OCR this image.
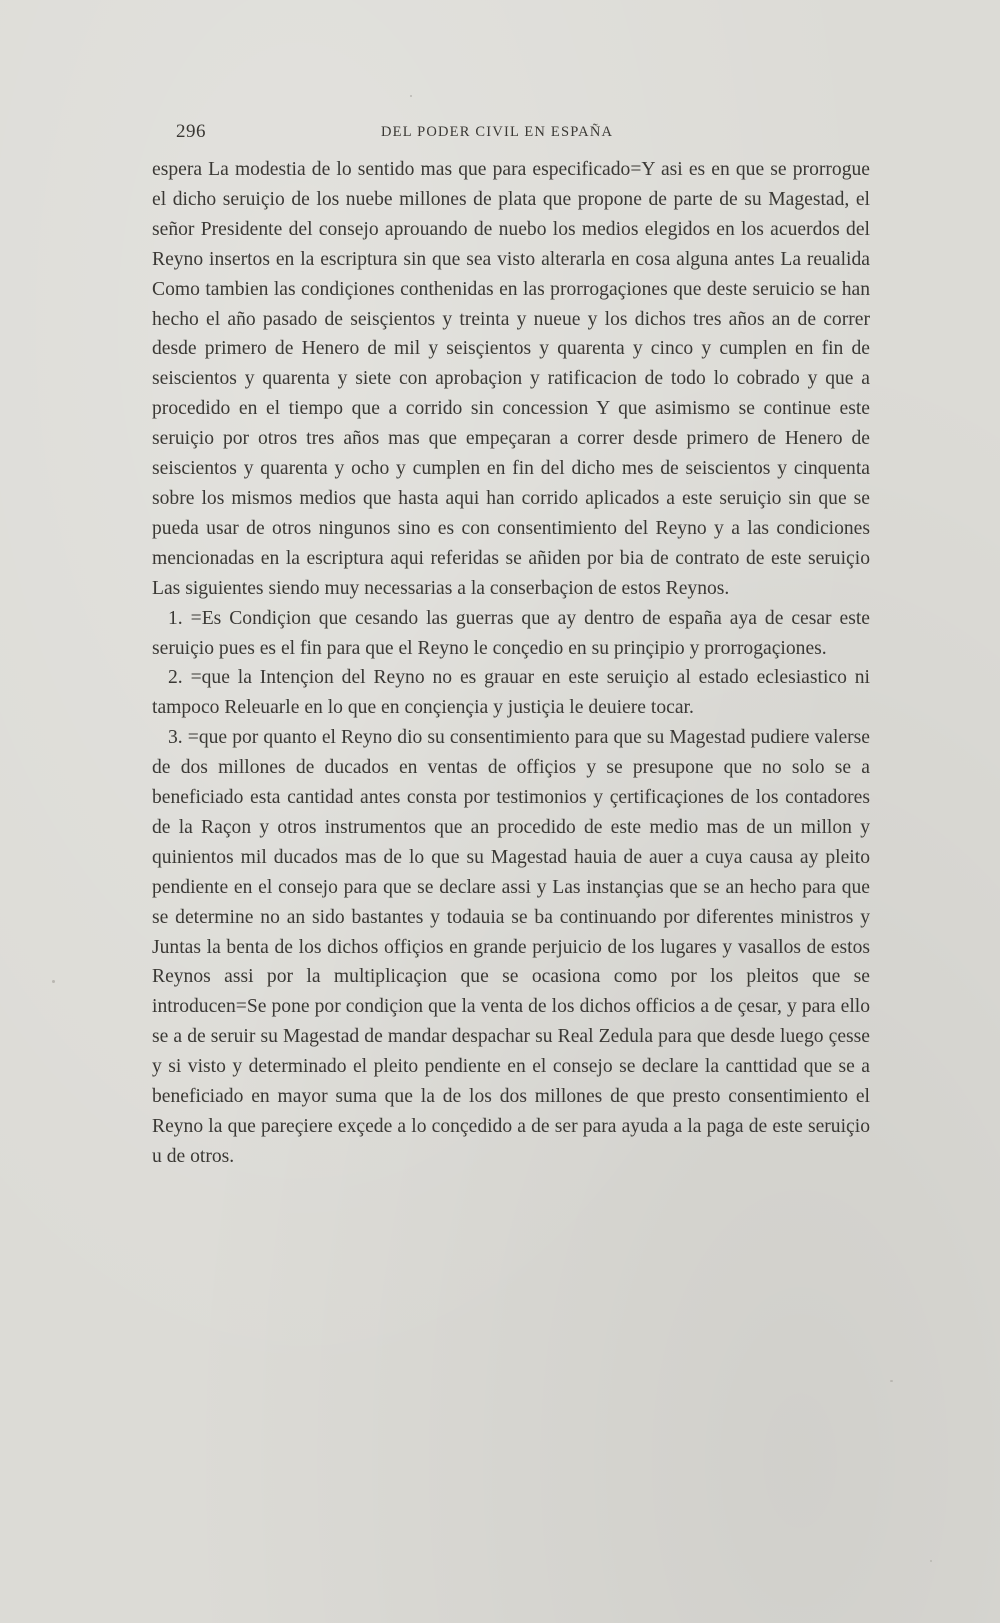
296	DEL PODER CIVIL EN ESPAÑA

espera La modestia de lo sentido mas que para especificado=Y asi es en que se prorrogue el dicho seruiçio de los nuebe millones de plata que propone de parte de su Magestad, el señor Presidente del consejo aprouando de nuebo los medios elegidos en los acuerdos del Reyno insertos en la escriptura sin que sea visto alterarla en cosa alguna antes La reualida Como tambien las condiçiones conthenidas en las prorrogaçiones que deste seruicio se han hecho el año pasado de seisçientos y treinta y nueue y los dichos tres años an de correr desde primero de Henero de mil y seisçientos y quarenta y cinco y cumplen en fin de seiscientos y quarenta y siete con aprobaçion y ratificacion de todo lo cobrado y que a procedido en el tiempo que a corrido sin concession Y que asimismo se continue este seruiçio por otros tres años mas que empeçaran a correr desde primero de Henero de seiscientos y quarenta y ocho y cumplen en fin del dicho mes de seiscientos y cinquenta sobre los mismos medios que hasta aqui han corrido aplicados a este seruiçio sin que se pueda usar de otros ningunos sino es con consentimiento del Reyno y a las condiciones mencionadas en la escriptura aqui referidas se añiden por bia de contrato de este seruiçio Las siguientes siendo muy necessarias a la conserbaçion de estos Reynos.

1. =Es Condiçion que cesando las guerras que ay dentro de españa aya de cesar este seruiçio pues es el fin para que el Reyno le conçedio en su prinçipio y prorrogaçiones.

2. =que la Intençion del Reyno no es grauar en este seruiçio al estado eclesiastico ni tampoco Releuarle en lo que en conçiençia y justiçia le deuiere tocar.

3. =que por quanto el Reyno dio su consentimiento para que su Magestad pudiere valerse de dos millones de ducados en ventas de offiçios y se presupone que no solo se a beneficiado esta cantidad antes consta por testimonios y çertificaçiones de los contadores de la Raçon y otros instrumentos que an procedido de este medio mas de un millon y quinientos mil ducados mas de lo que su Magestad hauia de auer a cuya causa ay pleito pendiente en el consejo para que se declare assi y Las instançias que se an hecho para que se determine no an sido bastantes y todauia se ba continuando por diferentes ministros y Juntas la benta de los dichos offiçios en grande perjuicio de los lugares y vasallos de estos Reynos assi por la multiplicaçion que se ocasiona como por los pleitos que se introducen=Se pone por condiçion que la venta de los dichos officios a de çesar, y para ello se a de seruir su Magestad de mandar despachar su Real Zedula para que desde luego çesse y si visto y determinado el pleito pendiente en el consejo se declare la canttidad que se a beneficiado en mayor suma que la de los dos millones de que presto consentimiento el Reyno la que pareçiere exçede a lo conçedido a de ser para ayuda a la paga de este seruiçio u de otros.
